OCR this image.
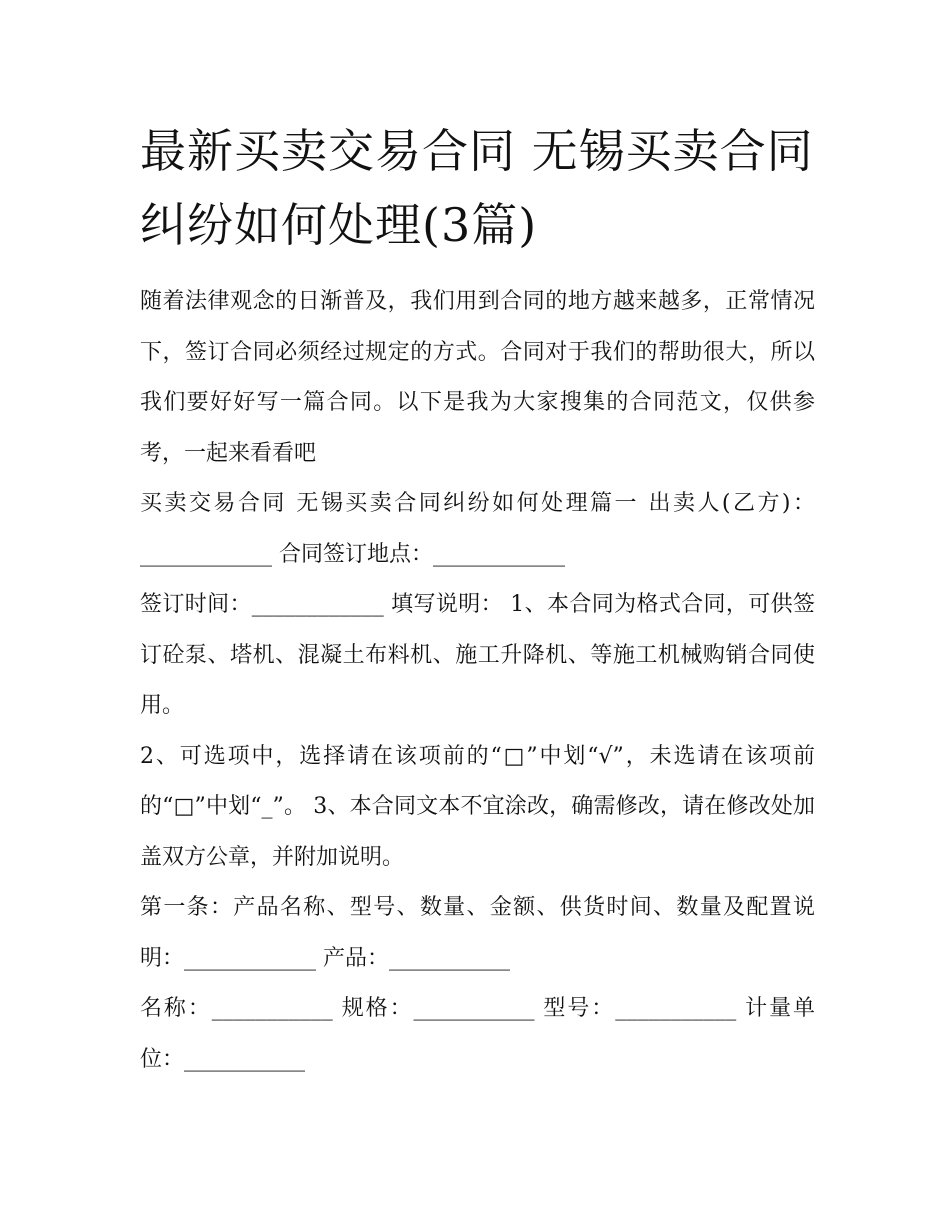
最新买卖交易合同 无锡买卖合同纠纷如何处理(3篇)

随着法律观念的日渐普及，我们用到合同的地方越来越多，正常情况下，签订合同必须经过规定的方式。合同对于我们的帮助很大，所以我们要好好写一篇合同。以下是我为大家搜集的合同范文，仅供参考，一起来看看吧

买卖交易合同 无锡买卖合同纠纷如何处理篇一 出卖人(乙方)：____________ 合同签订地点：____________

签订时间：____________ 填写说明： 1、本合同为格式合同，可供签订砼泵、塔机、混凝土布料机、施工升降机、等施工机械购销合同使用。

2、可选项中，选择请在该项前的“□”中划“√”，未选请在该项前的“□”中划“_”。 3、本合同文本不宜涂改，确需修改，请在修改处加盖双方公章，并附加说明。

第一条：产品名称、型号、数量、金额、供货时间、数量及配置说明：____________ 产品：___________

名称：___________ 规格：___________ 型号：___________ 计量单位：___________
